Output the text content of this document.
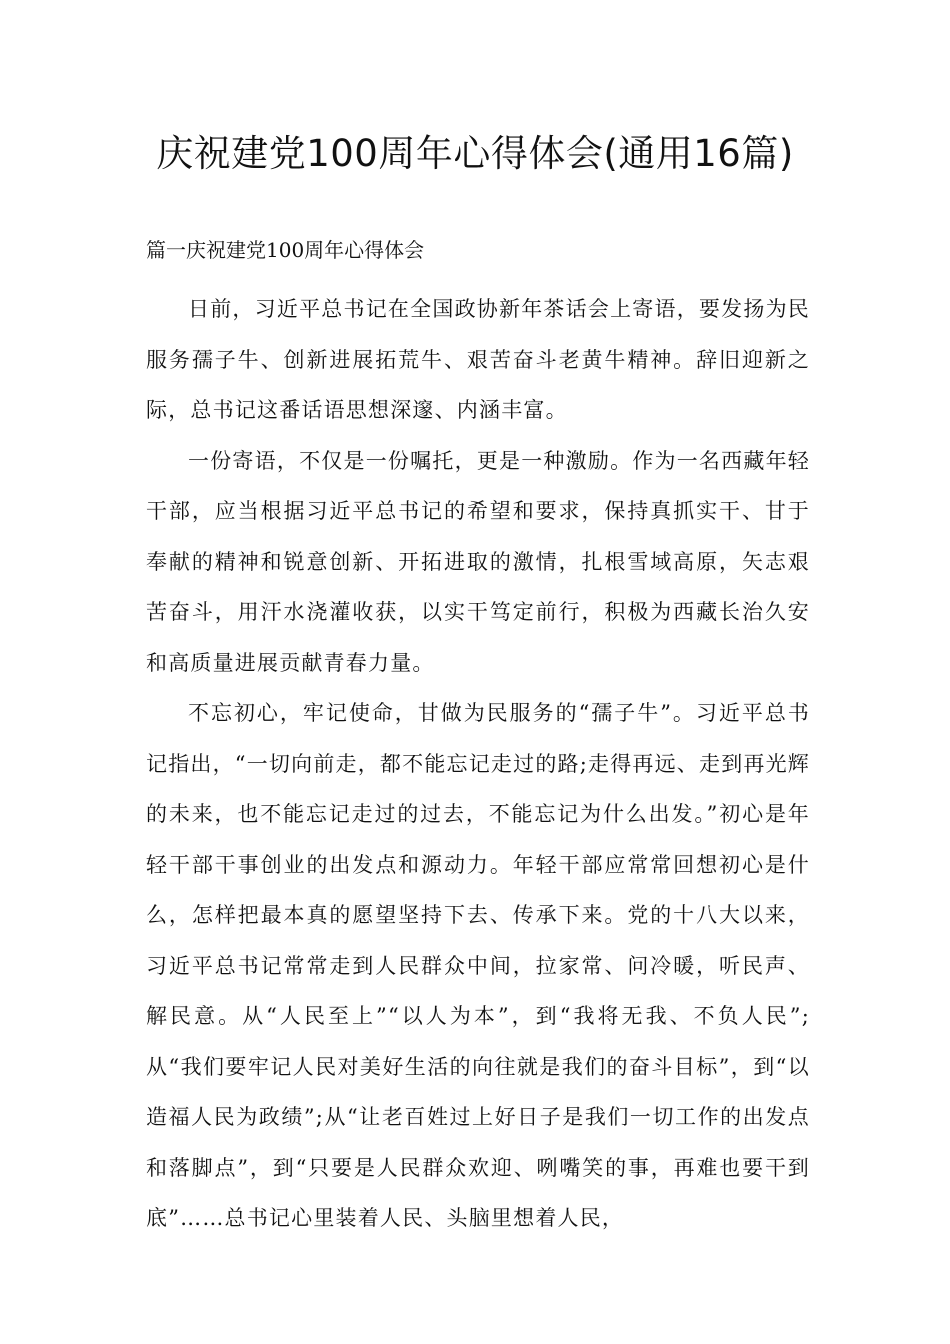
庆祝建党100周年心得体会(通用16篇)
篇一庆祝建党100周年心得体会

日前，习近平总书记在全国政协新年茶话会上寄语，要发扬为民服务孺子牛、创新进展拓荒牛、艰苦奋斗老黄牛精神。辞旧迎新之际，总书记这番话语思想深邃、内涵丰富。

一份寄语，不仅是一份嘱托，更是一种激励。作为一名西藏年轻干部，应当根据习近平总书记的希望和要求，保持真抓实干、甘于奉献的精神和锐意创新、开拓进取的激情，扎根雪域高原，矢志艰苦奋斗，用汗水浇灌收获，以实干笃定前行，积极为西藏长治久安和高质量进展贡献青春力量。

不忘初心，牢记使命，甘做为民服务的“孺子牛”。习近平总书记指出，“一切向前走，都不能忘记走过的路;走得再远、走到再光辉的未来，也不能忘记走过的过去，不能忘记为什么出发。”初心是年轻干部干事创业的出发点和源动力。年轻干部应常常回想初心是什么，怎样把最本真的愿望坚持下去、传承下来。党的十八大以来，习近平总书记常常走到人民群众中间，拉家常、问冷暖，听民声、解民意。从“人民至上”“以人为本”，到“我将无我、不负人民”;从“我们要牢记人民对美好生活的向往就是我们的奋斗目标”，到“以造福人民为政绩”;从“让老百姓过上好日子是我们一切工作的出发点和落脚点”，到“只要是人民群众欢迎、咧嘴笑的事，再难也要干到底”……总书记心里装着人民、头脑里想着人民，
